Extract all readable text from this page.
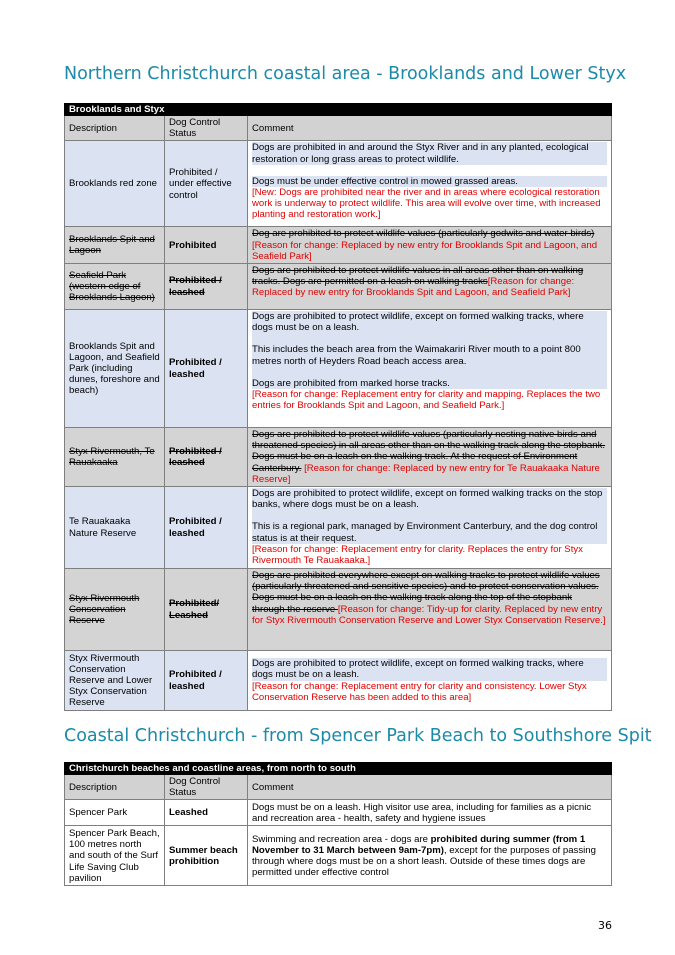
Northern Christchurch coastal area - Brooklands and Lower Styx
Brooklands and Styx		
Description	Dog Control Status	Comment
Brooklands red zone	Prohibited / under effective control	Dogs are prohibited in and around the Styx River and in any planted, ecological restoration or long grass areas to protect wildlife.
Dogs must be under effective control in mowed grassed areas.
[New: Dogs are prohibited near the river and in areas where ecological restoration work is underway to protect wildlife. This area will evolve over time, with increased planting and restoration work.]

Brooklands Spit and Lagoon	Prohibited	Dog are prohibited to protect wildlife values (particularly godwits and water birds) [Reason for change: Replaced by new entry for Brooklands Spit and Lagoon, and Seafield Park]
Seafield Park (western edge of Brooklands Lagoon)	Prohibited / leashed	Dogs are prohibited to protect wildlife values in all areas other than on walking tracks. Dogs are permitted on a leash on walking tracks[Reason for change: Replaced by new entry for Brooklands Spit and Lagoon, and Seafield Park]
Brooklands Spit and Lagoon, and Seafield Park (including dunes, foreshore and beach)	Prohibited / leashed	Dogs are prohibited to protect wildlife, except on formed walking tracks, where dogs must be on a leash.
This includes the beach area from the Waimakariri River mouth to a point 800 metres north of Heyders Road beach access area.
Dogs are prohibited from marked horse tracks.
[Reason for change: Replacement entry for clarity and mapping. Replaces the two entries for Brooklands Spit and Lagoon, and Seafield Park.]

Styx Rivermouth, Te Rauakaaka	Prohibited / leashed	Dogs are prohibited to protect wildlife values (particularly nesting native birds and threatened species) in all areas other than on the walking track along the stopbank. Dogs must be on a leash on the walking track. At the request of Environment Canterbury. [Reason for change: Replaced by new entry for Te Rauakaaka Nature Reserve]
Te Rauakaaka Nature Reserve	Prohibited / leashed	Dogs are prohibited to protect wildlife, except on formed walking tracks on the stop banks, where dogs must be on a leash.
This is a regional park, managed by Environment Canterbury, and the dog control status is at their request.
[Reason for change: Replacement entry for clarity. Replaces the entry for Styx Rivermouth Te Rauakaaka.]

Styx Rivermouth Conservation Reserve	Prohibited/ Leashed	Dogs are prohibited everywhere except on walking tracks to protect wildlife values (particularly threatened and sensitive species) and to protect conservation values. Dogs must be on a leash on the walking track along the top of the stopbank through the reserve [Reason for change: Tidy-up for clarity. Replaced by new entry for Styx Rivermouth Conservation Reserve and Lower Styx Conservation Reserve.]
Styx Rivermouth Conservation Reserve and Lower Styx Conservation Reserve	Prohibited / leashed	Dogs are prohibited to protect wildlife, except on formed walking tracks, where dogs must be on a leash.
[Reason for change: Replacement entry for clarity and consistency. Lower Styx Conservation Reserve has been added to this area]
Coastal Christchurch - from Spencer Park Beach to Southshore Spit
Christchurch beaches and coastline areas, from north to south		
Description	Dog Control Status	Comment
Spencer Park	Leashed	Dogs must be on a leash. High visitor use area, including for families as a picnic and recreation area - health, safety and hygiene issues
Spencer Park Beach, 100 metres north and south of the Surf Life Saving Club pavilion	Summer beach prohibition	Swimming and recreation area - dogs are prohibited during summer (from 1 November to 31 March between 9am-7pm), except for the purposes of passing through where dogs must be on a short leash. Outside of these times dogs are permitted under effective control
36
